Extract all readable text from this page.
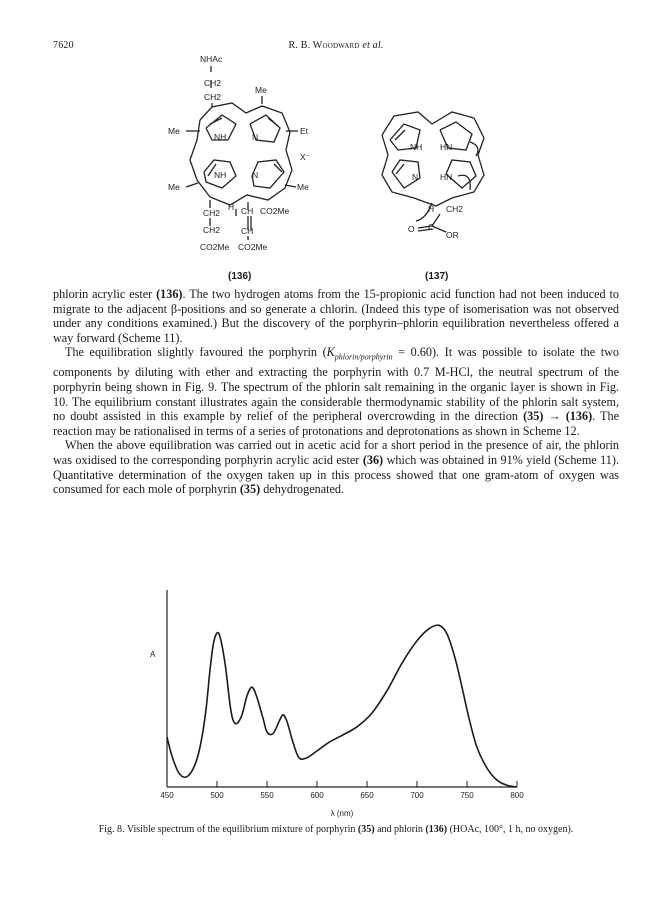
7620	R. B. Woodward et al.
NHAc
CH2
CH2
Me
Me	Et
Me	Me
CH2
CH2
CO2Me
H CH
CH
CO2Me
CO2Me
NH	N
NH	N
X⁻
NH HN
N	HN
H CH2
O C
OR
(136)	(137)

phlorin acrylic ester (136). The two hydrogen atoms from the 15-propionic acid function had not been induced to migrate to the adjacent β-positions and so generate a chlorin. (Indeed this type of isomerisation was not observed under any conditions examined.) But the discovery of the porphyrin–phlorin equilibration nevertheless offered a way forward (Scheme 11).

The equilibration slightly favoured the porphyrin $(K_{phlorin/porphyrin} = 0.60)$. It was possible to isolate the two components by diluting with ether and extracting the porphyrin with 0.7 M-HCl, the neutral spectrum of the porphyrin being shown in Fig. 9. The spectrum of the phlorin salt remaining in the organic layer is shown in Fig. 10. The equilibrium constant illustrates again the considerable thermodynamic stability of the phlorin salt system, no doubt assisted in this example by relief of the peripheral overcrowding in the direction (35) → (136). The reaction may be rationalised in terms of a series of protonations and deprotonations as shown in Scheme 12.

When the above equilibration was carried out in acetic acid for a short period in the presence of air, the phlorin was oxidised to the corresponding porphyrin acrylic acid ester (36) which was obtained in 91% yield (Scheme 11). Quantitative determination of the oxygen taken up in this process showed that one gram-atom of oxygen was consumed for each mole of porphyrin (35) dehydrogenated.

A
λ (nm)
450	500	550	600	650	700	750	800
Fig. 8. Visible spectrum of the equilibrium mixture of porphyrin (35) and phlorin (136) (HOAc, 100°, 1 h, no oxygen).
